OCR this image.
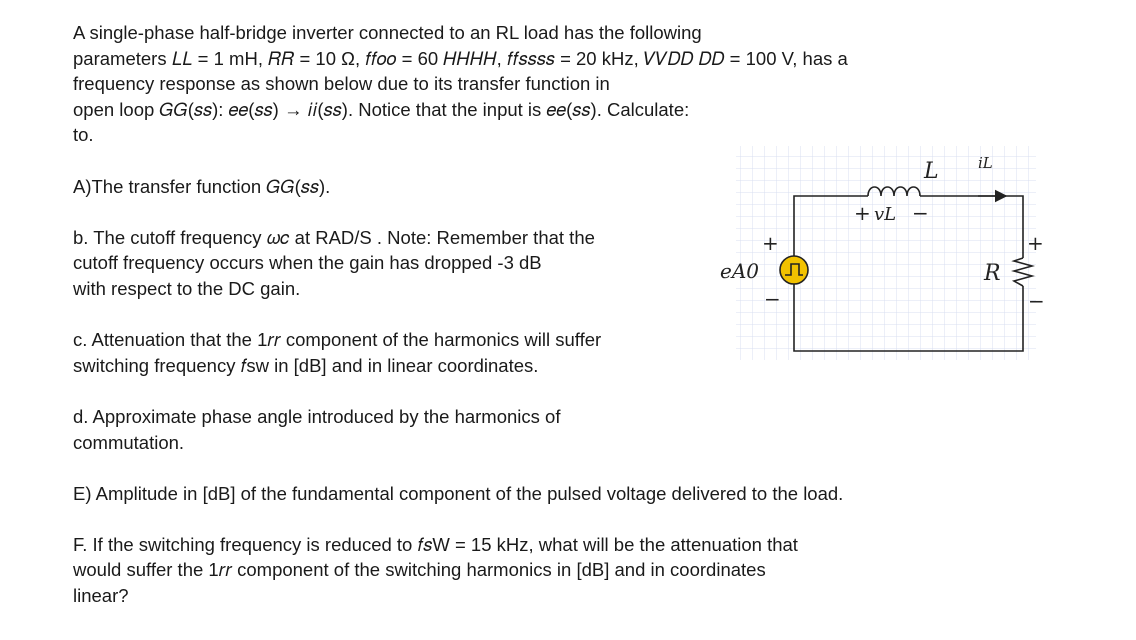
A single-phase half-bridge inverter connected to an RL load has the following
parameters 𝐿𝐿 = 1 mH, 𝑅𝑅 = 10 Ω, 𝑓𝑓𝑜𝑜 = 60 𝐻𝐻𝐻𝐻, 𝑓𝑓𝑠𝑠𝑠𝑠 = 20 kHz, 𝑉𝑉𝐷𝐷 𝐷𝐷 = 100 V, has a
frequency response as shown below due to its transfer function in
open loop 𝐺𝐺(𝑠𝑠): 𝑒𝑒(𝑠𝑠) → 𝑖𝑖(𝑠𝑠). Notice that the input is 𝑒𝑒(𝑠𝑠). Calculate:
to.
A)The transfer function 𝐺𝐺(𝑠𝑠).
b. The cutoff frequency 𝜔𝑐 at RAD/S . Note: Remember that the
cutoff frequency occurs when the gain has dropped -3 dB
with respect to the DC gain.
c. Attenuation that the 1𝑟𝑟 component of the harmonics will suffer
switching frequency 𝑓sw in [dB] and in linear coordinates.
d. Approximate phase angle introduced by the harmonics of
commutation.
E) Amplitude in [dB] of the fundamental component of the pulsed voltage delivered to the load.
F. If the switching frequency is reduced to 𝑓𝑠W = 15 kHz, what will be the attenuation that
would suffer the 1𝑟𝑟 component of the switching harmonics in [dB] and in coordinates
linear?
L	iL
+ vL −
+
eA0
−
R
+
−
